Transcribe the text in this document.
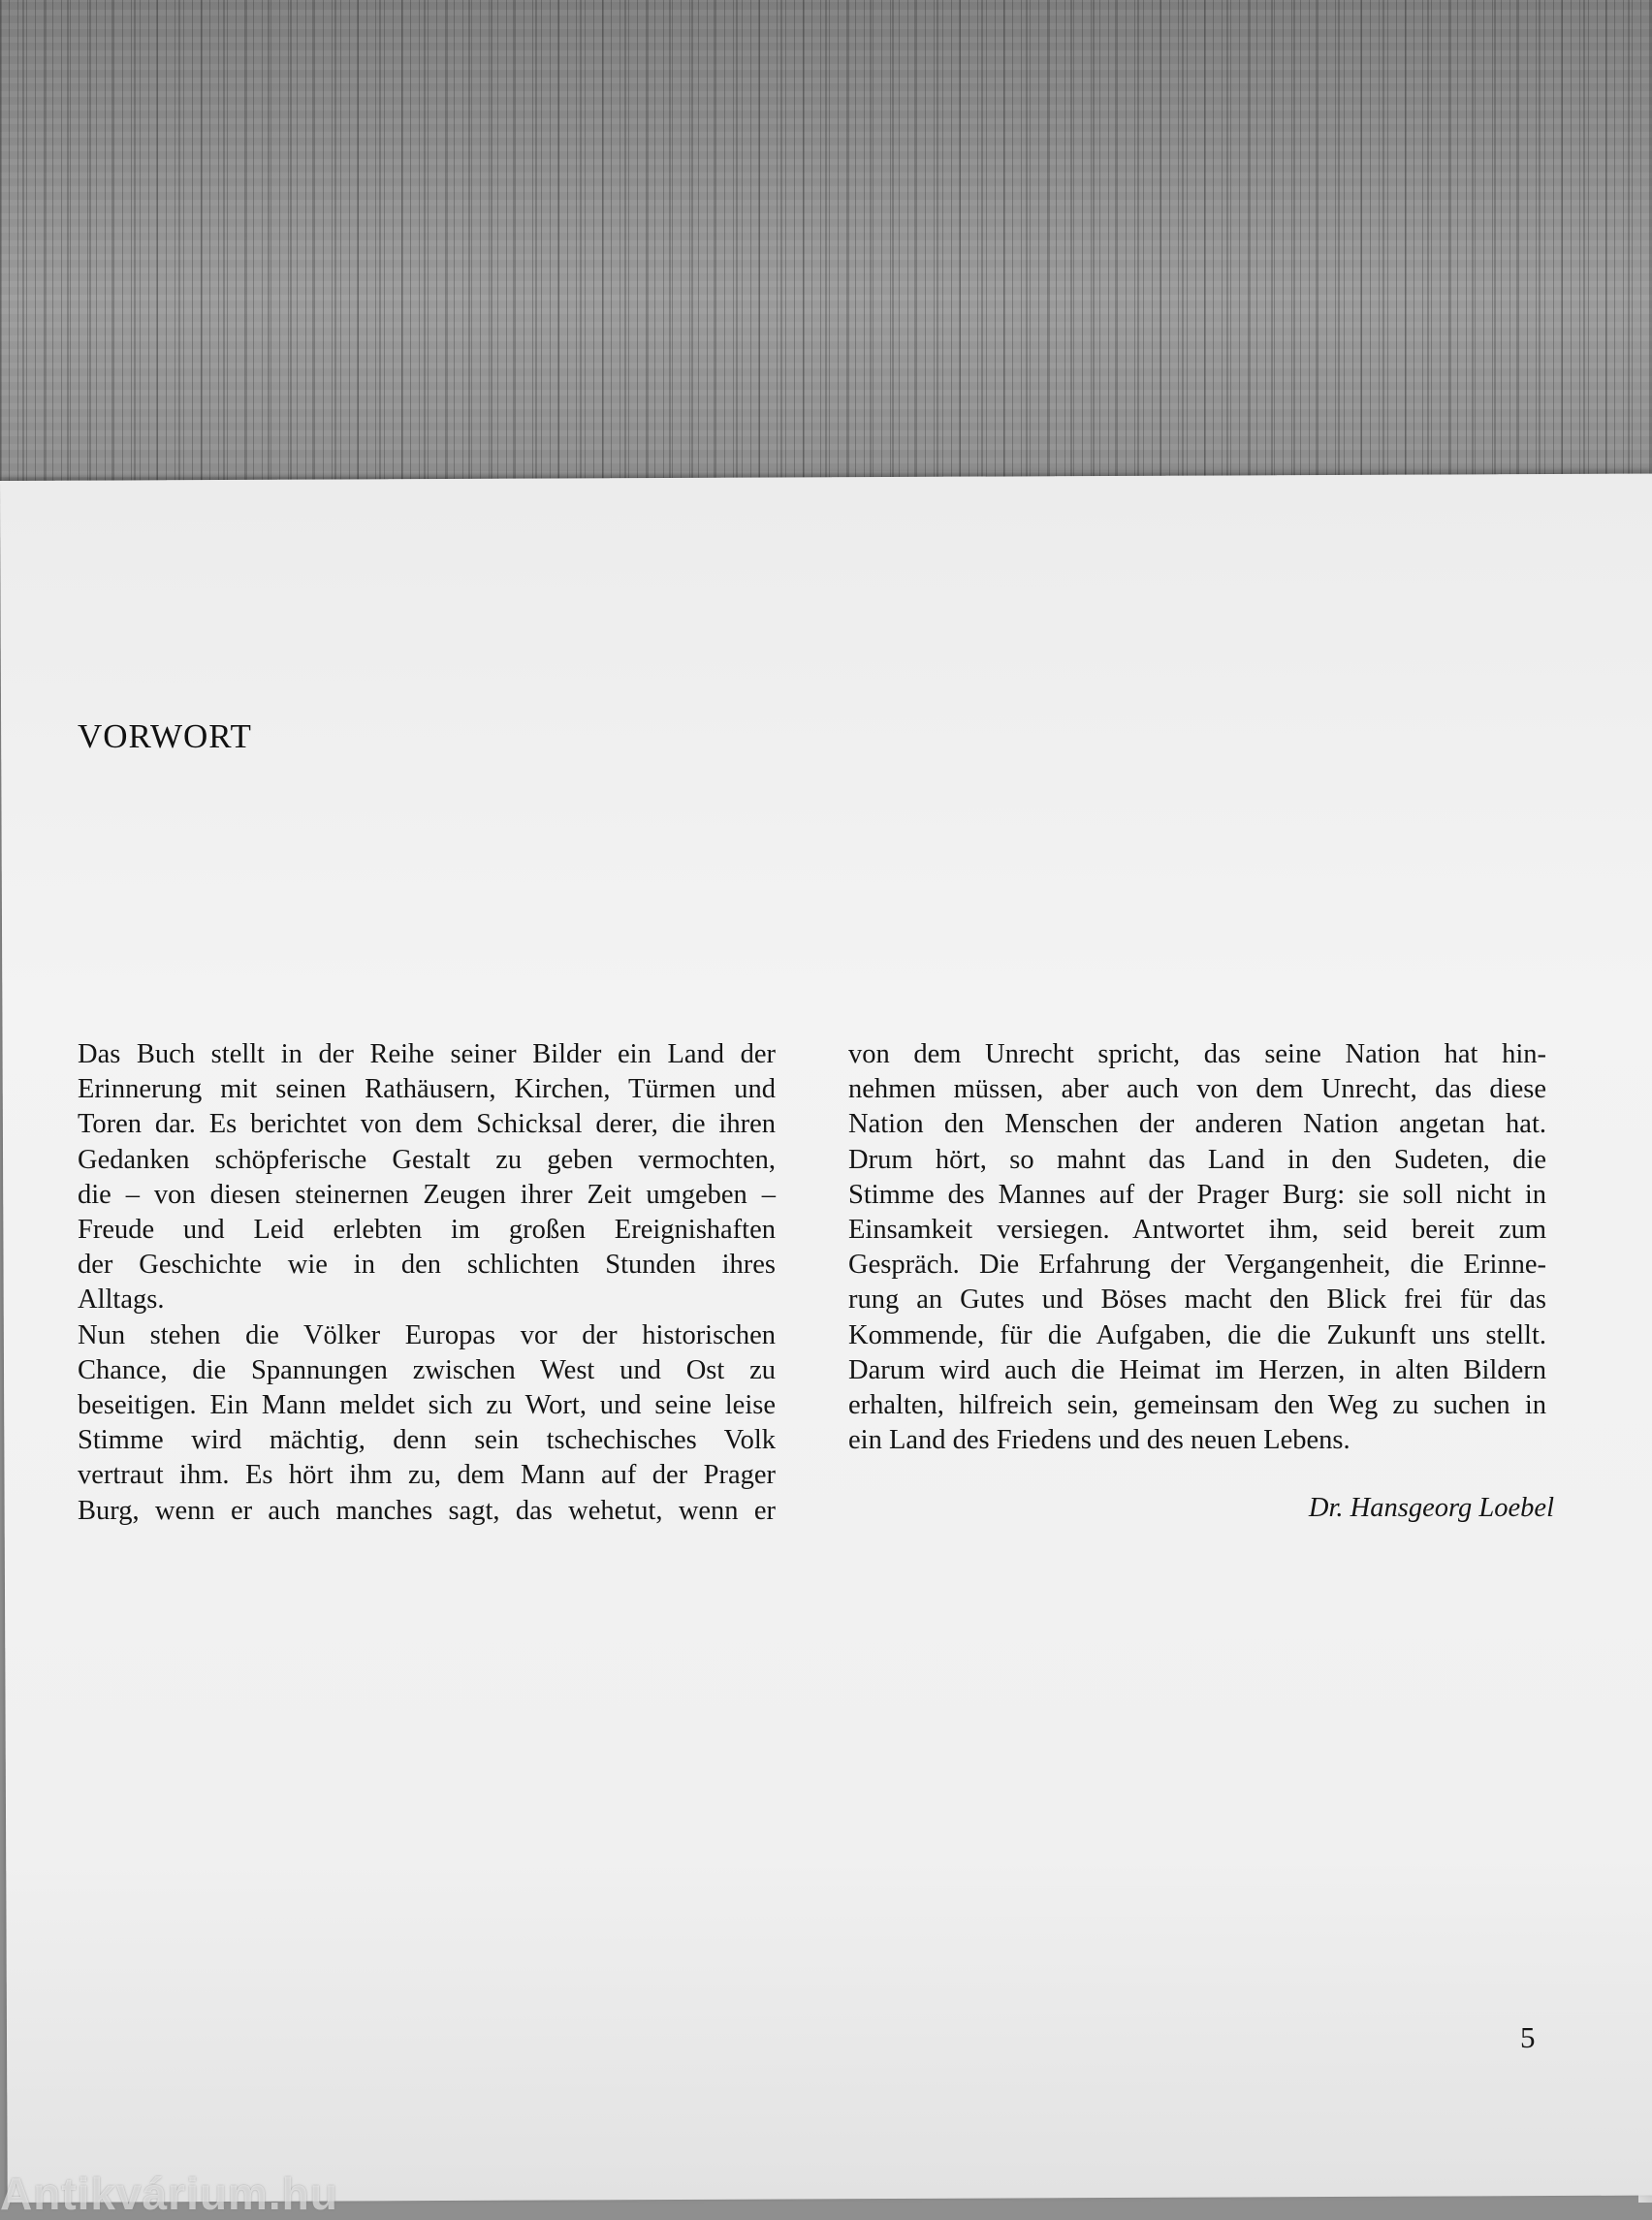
VORWORT
Das Buch stellt in der Reihe seiner Bilder ein Land der
Erinnerung mit seinen Rathäusern, Kirchen, Türmen und
Toren dar. Es berichtet von dem Schicksal derer, die ihren
Gedanken schöpferische Gestalt zu geben vermochten,
die – von diesen steinernen Zeugen ihrer Zeit umgeben –
Freude und Leid erlebten im großen Ereignishaften
der Geschichte wie in den schlichten Stunden ihres
Alltags.
Nun stehen die Völker Europas vor der historischen
Chance, die Spannungen zwischen West und Ost zu
beseitigen. Ein Mann meldet sich zu Wort, und seine leise
Stimme wird mächtig, denn sein tschechisches Volk
vertraut ihm. Es hört ihm zu, dem Mann auf der Prager
Burg, wenn er auch manches sagt, das wehetut, wenn er
von dem Unrecht spricht, das seine Nation hat hin-
nehmen müssen, aber auch von dem Unrecht, das diese
Nation den Menschen der anderen Nation angetan hat.
Drum hört, so mahnt das Land in den Sudeten, die
Stimme des Mannes auf der Prager Burg: sie soll nicht in
Einsamkeit versiegen. Antwortet ihm, seid bereit zum
Gespräch. Die Erfahrung der Vergangenheit, die Erinne-
rung an Gutes und Böses macht den Blick frei für das
Kommende, für die Aufgaben, die die Zukunft uns stellt.
Darum wird auch die Heimat im Herzen, in alten Bildern
erhalten, hilfreich sein, gemeinsam den Weg zu suchen in
ein Land des Friedens und des neuen Lebens.
Dr. Hansgeorg Loebel
5
Antikvárium.hu
